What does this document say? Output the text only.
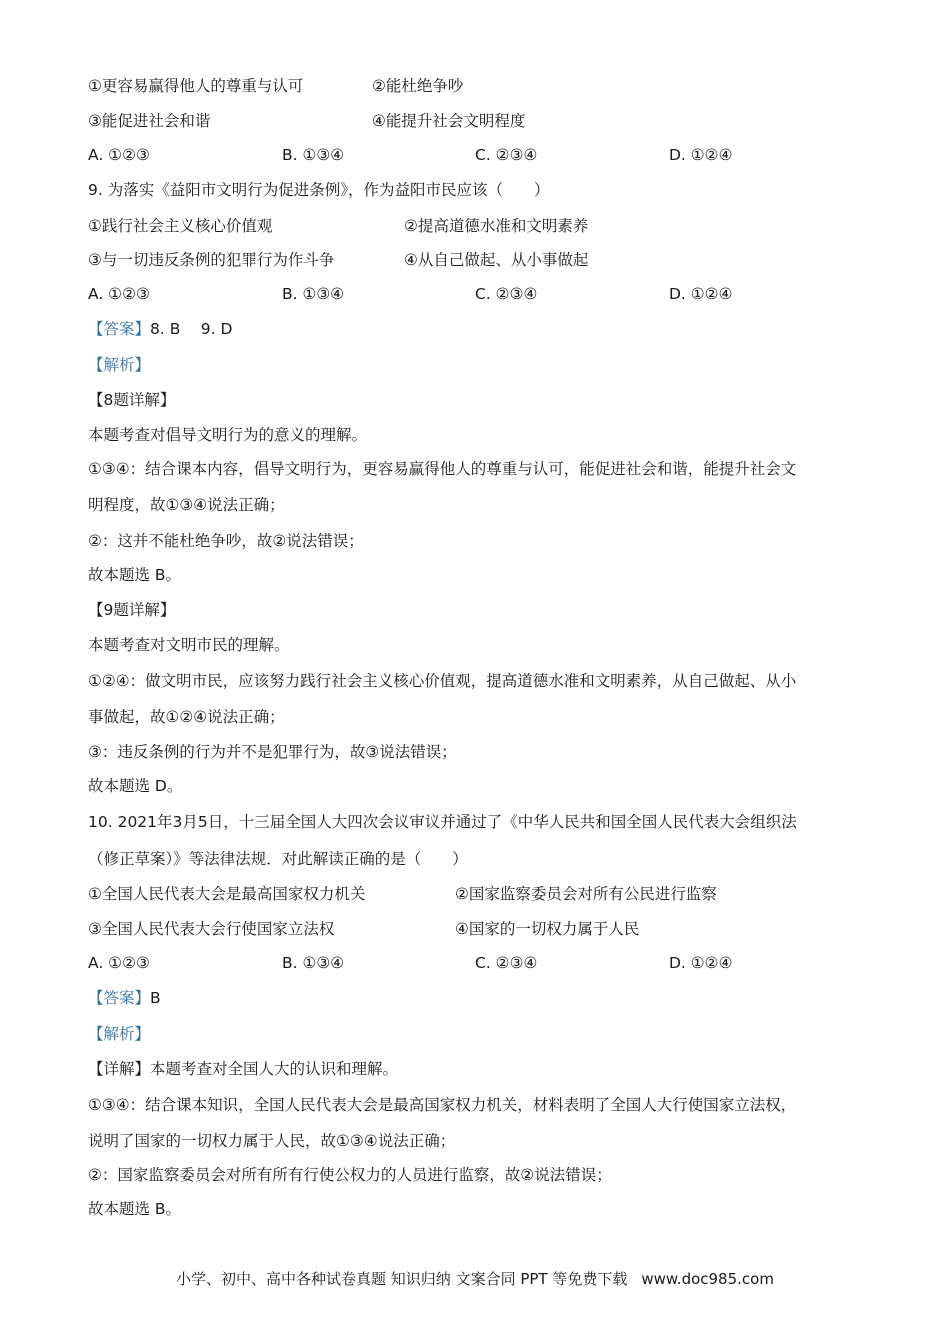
①更容易赢得他人的尊重与认可	②能杜绝争吵
③能促进社会和谐	④能提升社会文明程度
A. ①②③	B. ①③④	C. ②③④	D. ①②④
9. 为落实《益阳市文明行为促进条例》，作为益阳市民应该（　　）
①践行社会主义核心价值观	②提高道德水准和文明素养
③与一切违反条例的犯罪行为作斗争	④从自己做起、从小事做起
A. ①②③	B. ①③④	C. ②③④	D. ①②④
【答案】8. B　 9. D
【解析】
【8题详解】
本题考查对倡导文明行为的意义的理解。
①③④：结合课本内容，倡导文明行为，更容易赢得他人的尊重与认可，能促进社会和谐，能提升社会文
明程度，故①③④说法正确；
②：这并不能杜绝争吵，故②说法错误；
故本题选 B。
【9题详解】
本题考查对文明市民的理解。
①②④：做文明市民，应该努力践行社会主义核心价值观，提高道德水准和文明素养，从自己做起、从小
事做起，故①②④说法正确；
③：违反条例的行为并不是犯罪行为，故③说法错误；
故本题选 D。
10. 2021年3月5日，十三届全国人大四次会议审议并通过了《中华人民共和国全国人民代表大会组织法
（修正草案）》等法律法规．对此解读正确的是（　　）
①全国人民代表大会是最高国家权力机关	②国家监察委员会对所有公民进行监察
③全国人民代表大会行使国家立法权	④国家的一切权力属于人民
A. ①②③	B. ①③④	C. ②③④	D. ①②④
【答案】B
【解析】
【详解】本题考查对全国人大的认识和理解。
①③④：结合课本知识，全国人民代表大会是最高国家权力机关，材料表明了全国人大行使国家立法权，
说明了国家的一切权力属于人民，故①③④说法正确；
②：国家监察委员会对所有所有行使公权力的人员进行监察，故②说法错误；
故本题选 B。
小学、初中、高中各种试卷真题 知识归纳 文案合同 PPT 等免费下载 www.doc985.com
